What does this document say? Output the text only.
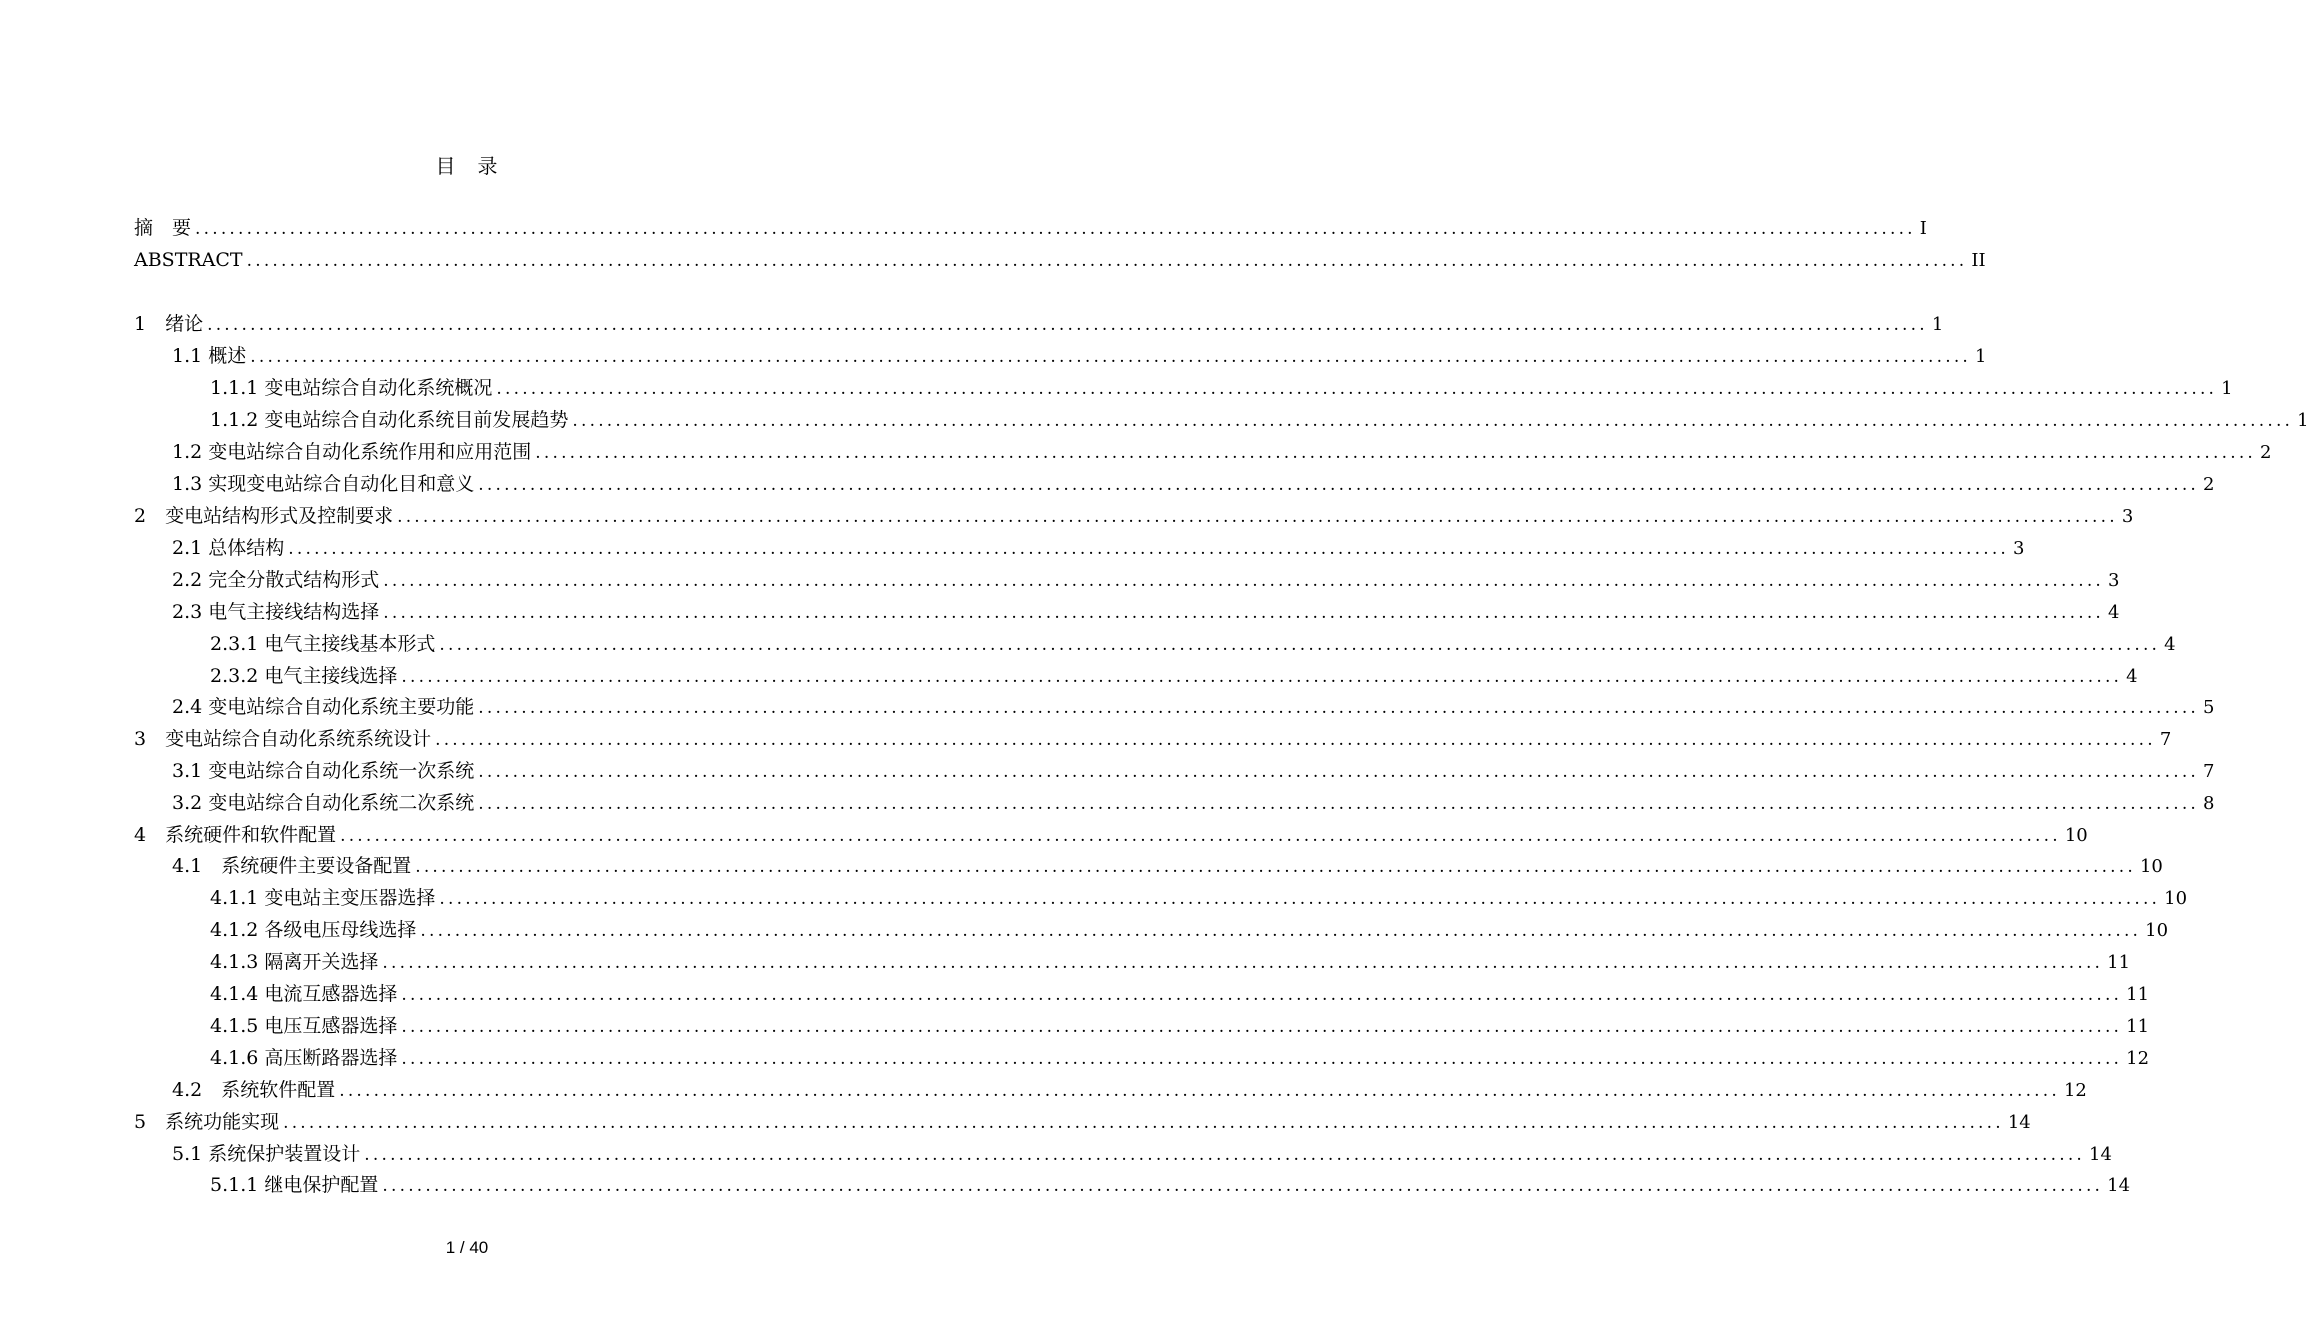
目　录
摘　要 ........................................................................................................................................................................................................ I
ABSTRACT ........................................................................................................................................................................................................ II
1　绪论 ........................................................................................................................................................................................................ 1
1.1 概述 ........................................................................................................................................................................................................ 1
1.1.1 变电站综合自动化系统概况 ........................................................................................................................................................................................................ 1
1.1.2 变电站综合自动化系统目前发展趋势 ........................................................................................................................................................................................................ 1
1.2 变电站综合自动化系统作用和应用范围 ........................................................................................................................................................................................................ 2
1.3 实现变电站综合自动化目和意义 ........................................................................................................................................................................................................ 2
2　变电站结构形式及控制要求 ........................................................................................................................................................................................................ 3
2.1 总体结构 ........................................................................................................................................................................................................ 3
2.2 完全分散式结构形式 ........................................................................................................................................................................................................ 3
2.3 电气主接线结构选择 ........................................................................................................................................................................................................ 4
2.3.1 电气主接线基本形式 ........................................................................................................................................................................................................ 4
2.3.2 电气主接线选择 ........................................................................................................................................................................................................ 4
2.4 变电站综合自动化系统主要功能 ........................................................................................................................................................................................................ 5
3　变电站综合自动化系统系统设计 ........................................................................................................................................................................................................ 7
3.1 变电站综合自动化系统一次系统 ........................................................................................................................................................................................................ 7
3.2 变电站综合自动化系统二次系统 ........................................................................................................................................................................................................ 8
4　系统硬件和软件配置 ........................................................................................................................................................................................................ 10
4.1　系统硬件主要设备配置 ........................................................................................................................................................................................................ 10
4.1.1 变电站主变压器选择 ........................................................................................................................................................................................................ 10
4.1.2 各级电压母线选择 ........................................................................................................................................................................................................ 10
4.1.3 隔离开关选择 ........................................................................................................................................................................................................ 11
4.1.4 电流互感器选择 ........................................................................................................................................................................................................ 11
4.1.5 电压互感器选择 ........................................................................................................................................................................................................ 11
4.1.6 高压断路器选择 ........................................................................................................................................................................................................ 12
4.2　系统软件配置 ........................................................................................................................................................................................................ 12
5　系统功能实现 ........................................................................................................................................................................................................ 14
5.1 系统保护装置设计 ........................................................................................................................................................................................................ 14
5.1.1 继电保护配置 ........................................................................................................................................................................................................ 14
1 / 40
